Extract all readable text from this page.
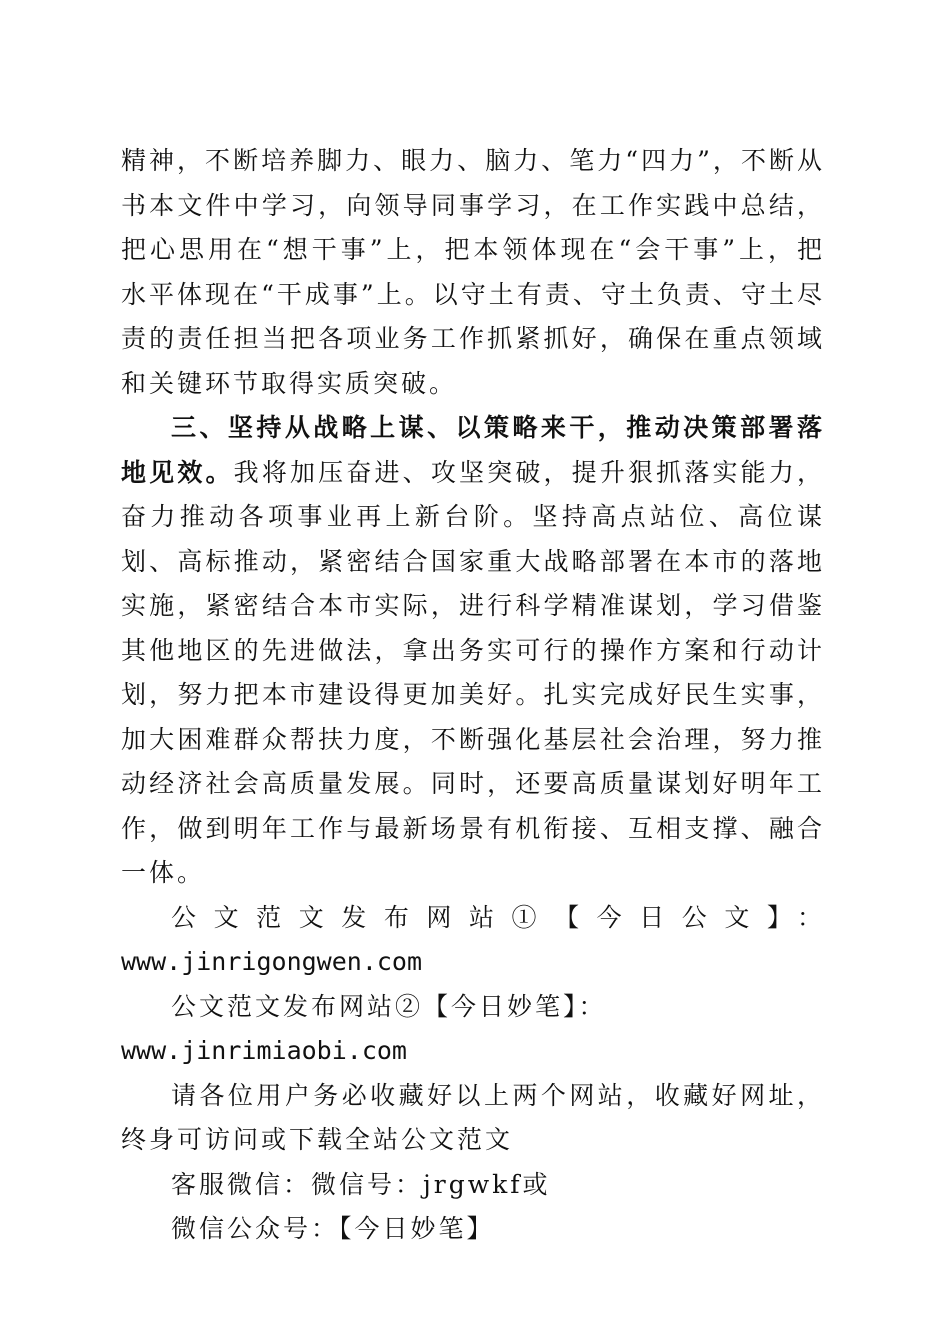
精神，不断培养脚力、眼力、脑力、笔力“四力”，不断从书本文件中学习，向领导同事学习，在工作实践中总结，把心思用在“想干事”上，把本领体现在“会干事”上，把水平体现在“干成事”上。以守土有责、守土负责、守土尽责的责任担当把各项业务工作抓紧抓好，确保在重点领域和关键环节取得实质突破。

三、坚持从战略上谋、以策略来干，推动决策部署落地见效。我将加压奋进、攻坚突破，提升狠抓落实能力，奋力推动各项事业再上新台阶。坚持高点站位、高位谋划、高标推动，紧密结合国家重大战略部署在本市的落地实施，紧密结合本市实际，进行科学精准谋划，学习借鉴其他地区的先进做法，拿出务实可行的操作方案和行动计划，努力把本市建设得更加美好。扎实完成好民生实事，加大困难群众帮扶力度，不断强化基层社会治理，努力推动经济社会高质量发展。同时，还要高质量谋划好明年工作，做到明年工作与最新场景有机衔接、互相支撑、融合一体。

公文范文发布网站①【今日公文】：

www.jinrigongwen.com

公文范文发布网站②【今日妙笔】：www.jinrimiaobi.com

请各位用户务必收藏好以上两个网站，收藏好网址，终身可访问或下载全站公文范文

客服微信：微信号：jrgwkf或

微信公众号：【今日妙笔】
